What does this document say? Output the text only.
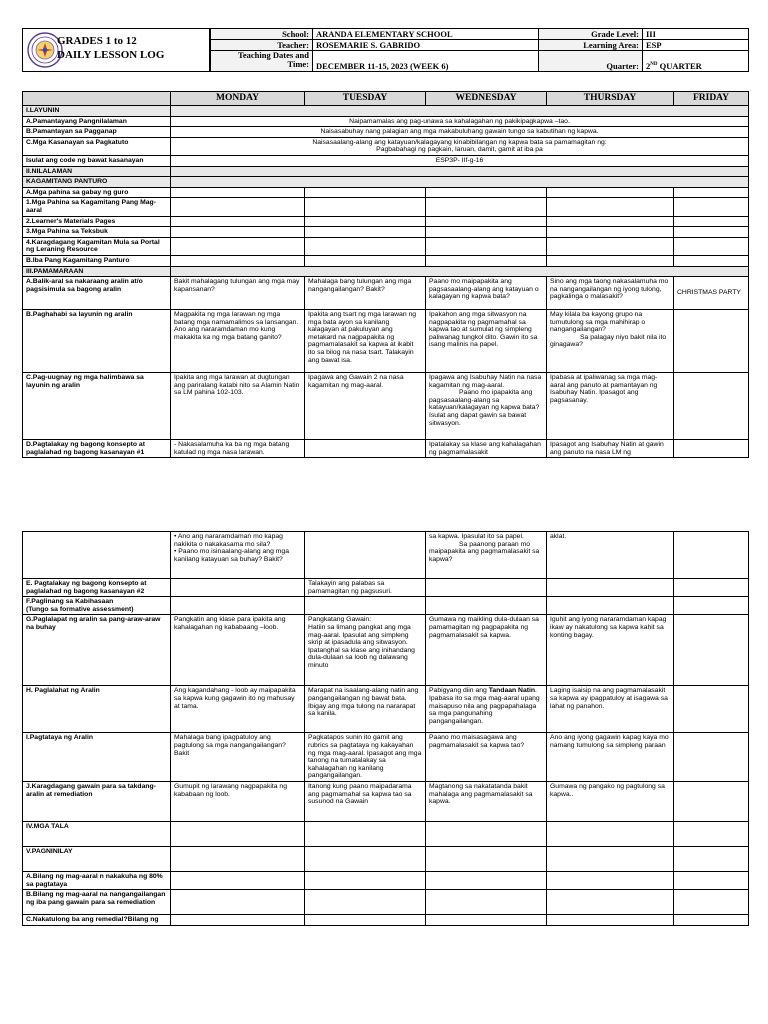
GRADES 1 to 12
DAILY LESSON LOG
School:	ARANDA ELEMENTARY SCHOOL	Grade Level:	III
Teacher:	ROSEMARIE S. GABRIDO	Learning Area:	ESP
Teaching Dates and
Time:	DECEMBER 11-15, 2023 (WEEK 6)	Quarter:	2ND QUARTER
	MONDAY	TUESDAY	WEDNESDAY	THURSDAY	FRIDAY
I.LAYUNIN					
A.Pamantayang Pangnilalaman	Naipamamalas ang pag-unawa sa kahalagahan ng pakikipagkapwa –tao.				
B.Pamantayan sa Pagganap	Naisasabuhay nang palagian ang mga makabuluhang gawain tungo sa kabutihan ng kapwa.				
C.Mga Kasanayan sa Pagkatuto	Naisasaalang-alang ang katayuan/kalagayang kinabibilangan ng kapwa bata sa pamamagitan ng:
Pagbabahagi ng pagkain, laruan, damit, gamit at iba pa				
Isulat ang code ng bawat kasanayan	ESP3P- IIf-g-16				
II.NILALAMAN					
KAGAMITANG PANTURO					
A.Mga pahina sa gabay ng guro					
1.Mga Pahina sa Kagamitang Pang Mag-aaral					
2.Learner's Materials Pages					
3.Mga Pahina sa Teksbuk					
4.Karagdagang Kagamitan Mula sa Portal ng Leraning Resource					
B.Iba Pang Kagamitang Panturo					
III.PAMAMARAAN					
A.Balik-aral sa nakaraang aralin at/o pagsisimula sa bagong aralin	Bakit mahalagang tulungan ang mga may kapansanan?	Mahalaga bang tulungan ang mga nangangailangan? Bakit?	Paano mo maipapakita ang pagsasaalang-alang ang katayuan o kalagayan ng kapwa bata?	Sino ang mga taong nakasalamuha mo na nangangailangan ng iyong tulong, pagkalinga o malasakit?	CHRISTMAS PARTY
B.Paghahabi sa layunin ng aralin	Magpakita ng mga larawan ng mga batang mga namamalimos sa lansangan. Ano ang nararamdaman mo kung makakita ka ng mga batang ganito?	Ipakita ang tsart ng mga larawan ng mga bata ayon sa kanilang kalagayan at pakuluyan ang metakard na nagpapakita ng pagmamalasakit sa kapwa at ikabit ito sa bilog na nasa tsart. Talakayin ang bawat isa.	Ipakahon ang mga sitwasyon na nagpapakita ng pagmamahal sa kapwa tao at sumulat ng simpleng paliwanag tungkol dito. Gawin ito sa isang malinis na papel.	May kilala ba kayong grupo na tumutulong sa mga mahihirap o nangangailangan?
Sa palagay niyo bakit nila ito ginagawa?	
C.Pag-uugnay ng mga halimbawa sa layunin ng aralin	Ipakita ang mga larawan at dugtungan ang pariralang katabi nito sa Alamin Natin sa LM pahina 102-103.	Ipagawa ang Gawain 2 na nasa kagamitan ng mag-aaral.	Ipagawa ang Isabuhay Natin na nasa kagamitan ng mag-aaral.
Paano mo ipapakita ang pagsasaalang-alang sa katayuan/kalagayan ng kapwa bata? Isulat ang dapat gawin sa bawat sitwasyon.	Ipabasa at ipaliwanag sa mga mag-aaral ang panuto at pamantayan ng Isabuhay Natin. Ipasagot ang pagsasanay.	
D.Pagtalakay ng bagong konsepto at paglalahad ng bagong kasanayan #1	- Nakasalamuha ka ba ng mga batang katulad ng mga nasa larawan.		Ipatalakay sa klase ang kahalagahan ng pagmamalasakit	Ipasagot ang Isabuhay Natin at gawin ang panuto na nasa LM ng	
	• Ano ang nararamdaman mo kapag nakikita o nakakasama mo sila?
• Paano mo isinaalang-alang ang mga kanilang katayuan sa buhay? Bakit?		sa kapwa. Ipasulat ito sa papel.
Sa paanong paraan mo maipapakita ang pagmamalasakit sa kapwa?	aklat.	
E. Pagtalakay ng bagong konsepto at paglalahad ng bagong kasanayan #2		Talakayin ang palabas sa pamamagitan ng pagsusuri.			
F.Paglinang sa Kabihasaan
(Tungo sa formative assessment)					
G.Paglalapat ng aralin sa pang-araw-araw na buhay	Pangkatin ang klase para ipakita ang kahalagahan ng kababaang –loob.	Pangkatang Gawain:
Hatiin sa limang pangkat ang mga mag-aaral. Ipasulat ang simpleng skrip at ipasadula ang sitwasyon. Ipatanghal sa klase ang inihandang dula-dulaan sa loob ng dalawang minuto	Gumawa ng maikling dula-dulaan sa pamamagitan ng pagpapakita ng pagmamalasakit sa kapwa.	Iguhit ang iyong nararamdaman kapag ikaw ay nakatulong sa kapwa kahit sa konting bagay.	
H. Paglalahat ng Aralin	Ang kagandahang - loob ay maipapakita sa kapwa kung gagawin ito ng mahusay at tama.	Marapat na isaalang-alang natin ang pangangailangan ng bawat bata. Ibigay ang mga tulong na nararapat sa kanila.	Pabigyang diin ang Tandaan Natin. Ipabasa ito sa mga mag-aaral upang maisapuso nila ang pagpapahalaga sa mga pangunahing pangangailangan.	Laging isaisip na ang pagmamalasakit sa kapwa ay ipagpatuloy at isagawa sa lahat ng panahon.	
I.Pagtataya ng Aralin	Mahalaga bang ipagpatuloy ang pagtulong sa mga nangangailangan? Bakit	Pagkatapos sunin ito gamit ang rubrics sa pagtataya ng kakayahan ng mga mag-aaral. Ipasagot ang mga tanong na tumatalakay sa kahalagahan ng kanilang pangangailangan.	Paano mo maisasagawa ang pagmamalasakit sa kapwa tao?	Ano ang iyong gagawin kapag kaya mo namang tumulong sa simpleng paraan	
J.Karagdagang gawain para sa takdang-aralin at remediation	Gumupit ng larawang nagpapakita ng kababaan ng loob.	Itanong kung paano maipadarama ang pagmamahal sa kapwa tao sa susunod na Gawain	Magtanong sa nakatatanda bakit mahalaga ang pagmamalasakit sa kapwa.	Gumawa ng pangako ng pagtulong sa kapwa..	
IV.MGA TALA					
V.PAGNINILAY					
A.Bilang ng mag-aaral n nakakuha ng 80% sa pagtataya					
B.Bilang ng mag-aaral na nangangailangan ng iba pang gawain para sa remediation					
C.Nakatulong ba ang remedial?Bilang ng					
